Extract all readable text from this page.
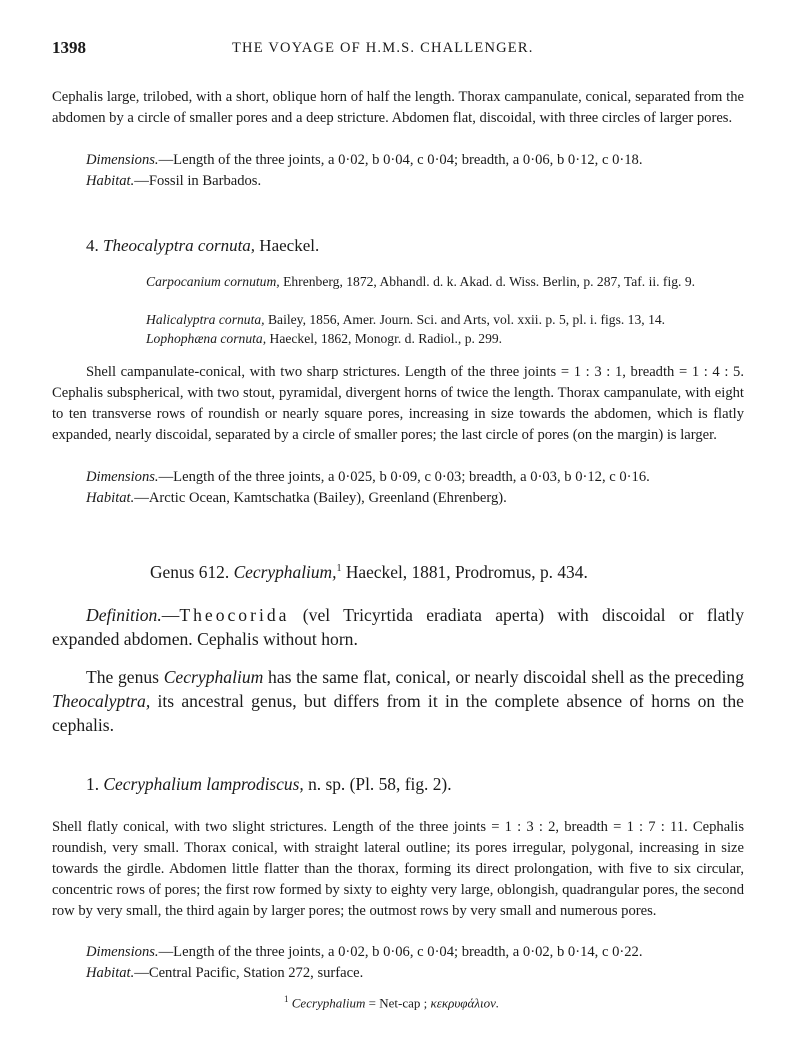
1398	THE VOYAGE OF H.M.S. CHALLENGER.

Cephalis large, trilobed, with a short, oblique horn of half the length. Thorax campanulate, conical, separated from the abdomen by a circle of smaller pores and a deep stricture. Abdomen flat, discoidal, with three circles of larger pores.

Dimensions.—Length of the three joints, a 0·02, b 0·04, c 0·04; breadth, a 0·06, b 0·12, c 0·18.
Habitat.—Fossil in Barbados.
4. Theocalyptra cornuta, Haeckel.

Carpocanium cornutum, Ehrenberg, 1872, Abhandl. d. k. Akad. d. Wiss. Berlin, p. 287, Taf. ii. fig. 9.

Halicalyptra cornuta, Bailey, 1856, Amer. Journ. Sci. and Arts, vol. xxii. p. 5, pl. i. figs. 13, 14.

Lophophæna cornuta, Haeckel, 1862, Monogr. d. Radiol., p. 299.

Shell campanulate-conical, with two sharp strictures. Length of the three joints = 1 : 3 : 1, breadth = 1 : 4 : 5. Cephalis subspherical, with two stout, pyramidal, divergent horns of twice the length. Thorax campanulate, with eight to ten transverse rows of roundish or nearly square pores, increasing in size towards the abdomen, which is flatly expanded, nearly discoidal, separated by a circle of smaller pores; the last circle of pores (on the margin) is larger.

Dimensions.—Length of the three joints, a 0·025, b 0·09, c 0·03; breadth, a 0·03, b 0·12, c 0·16.
Habitat.—Arctic Ocean, Kamtschatka (Bailey), Greenland (Ehrenberg).
Genus 612. Cecryphalium,$^1$ Haeckel, 1881, Prodromus, p. 434.

Definition.—Theocorida (vel Tricyrtida eradiata aperta) with discoidal or flatly expanded abdomen. Cephalis without horn.

The genus Cecryphalium has the same flat, conical, or nearly discoidal shell as the preceding Theocalyptra, its ancestral genus, but differs from it in the complete absence of horns on the cephalis.

1. Cecryphalium lamprodiscus, n. sp. (Pl. 58, fig. 2).

Shell flatly conical, with two slight strictures. Length of the three joints = 1 : 3 : 2, breadth = 1 : 7 : 11. Cephalis roundish, very small. Thorax conical, with straight lateral outline; its pores irregular, polygonal, increasing in size towards the girdle. Abdomen little flatter than the thorax, forming its direct prolongation, with five to six circular, concentric rows of pores; the first row formed by sixty to eighty very large, oblongish, quadrangular pores, the second row by very small, the third again by larger pores; the outmost rows by very small and numerous pores.

Dimensions.—Length of the three joints, a 0·02, b 0·06, c 0·04; breadth, a 0·02, b 0·14, c 0·22.
Habitat.—Central Pacific, Station 272, surface.
$^1$ Cecryphalium = Net-cap ; κεκρυφάλιον.
